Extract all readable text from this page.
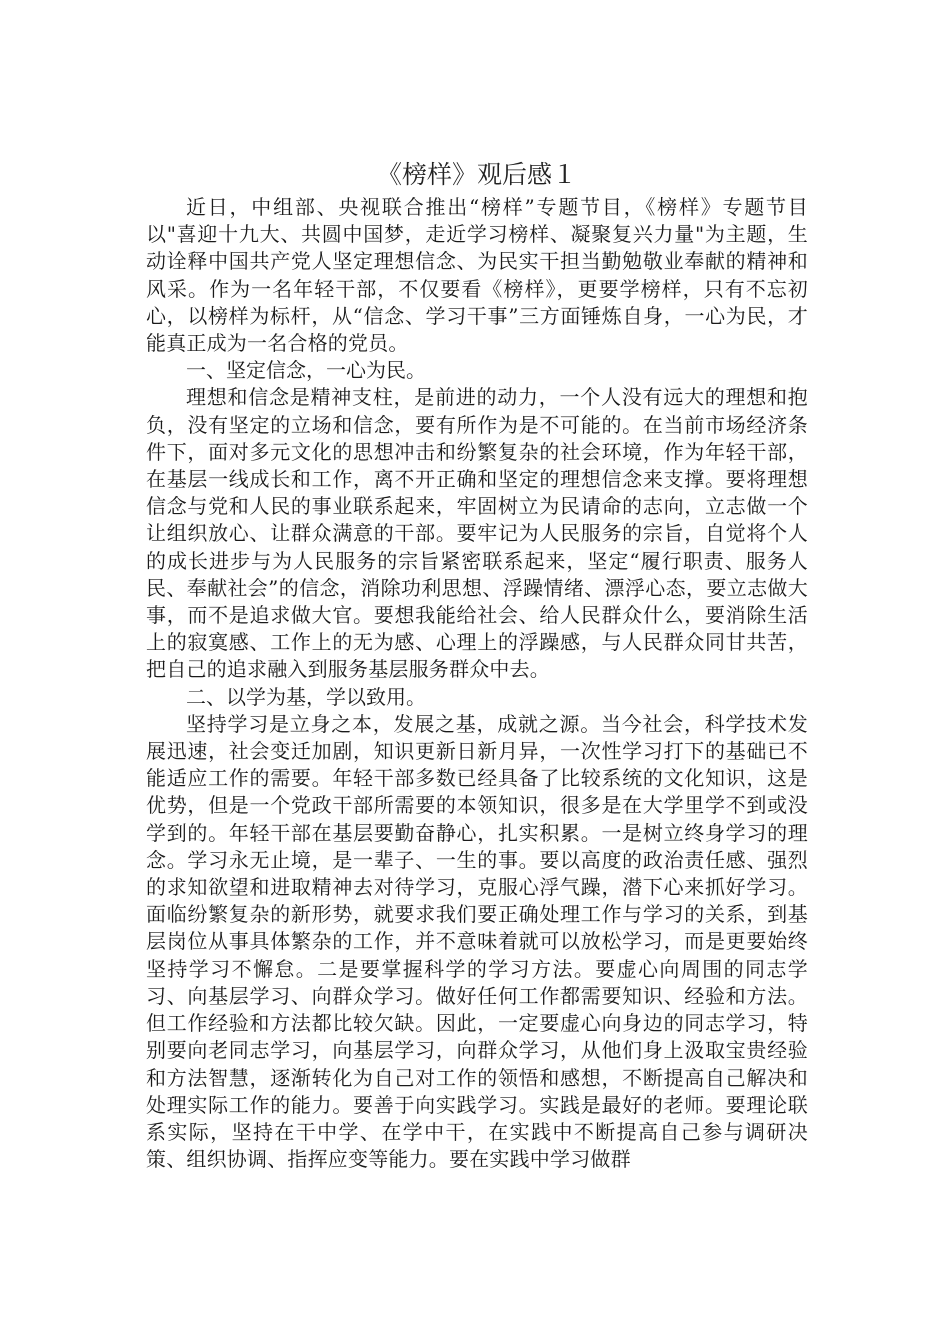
《榜样》观后感１

近日，中组部、央视联合推出“榜样”专题节目，《榜样》专题节目以"喜迎十九大、共圆中国梦，走近学习榜样、凝聚复兴力量"为主题，生动诠释中国共产党人坚定理想信念、为民实干担当勤勉敬业奉献的精神和风采。作为一名年轻干部，不仅要看《榜样》，更要学榜样，只有不忘初心，以榜样为标杆，从“信念、学习干事”三方面锤炼自身，一心为民，才能真正成为一名合格的党员。

一、坚定信念，一心为民。

理想和信念是精神支柱，是前进的动力，一个人没有远大的理想和抱负，没有坚定的立场和信念，要有所作为是不可能的。在当前市场经济条件下，面对多元文化的思想冲击和纷繁复杂的社会环境，作为年轻干部，在基层一线成长和工作，离不开正确和坚定的理想信念来支撑。要将理想信念与党和人民的事业联系起来，牢固树立为民请命的志向，立志做一个让组织放心、让群众满意的干部。要牢记为人民服务的宗旨，自觉将个人的成长进步与为人民服务的宗旨紧密联系起来，坚定“履行职责、服务人民、奉献社会”的信念，消除功利思想、浮躁情绪、漂浮心态，要立志做大事，而不是追求做大官。要想我能给社会、给人民群众什么，要消除生活上的寂寞感、工作上的无为感、心理上的浮躁感，与人民群众同甘共苦，把自己的追求融入到服务基层服务群众中去。

二、以学为基，学以致用。

坚持学习是立身之本，发展之基，成就之源。当今社会，科学技术发展迅速，社会变迁加剧，知识更新日新月异，一次性学习打下的基础已不能适应工作的需要。年轻干部多数已经具备了比较系统的文化知识，这是优势，但是一个党政干部所需要的本领知识，很多是在大学里学不到或没学到的。年轻干部在基层要勤奋静心，扎实积累。一是树立终身学习的理念。学习永无止境，是一辈子、一生的事。要以高度的政治责任感、强烈的求知欲望和进取精神去对待学习，克服心浮气躁，潜下心来抓好学习。面临纷繁复杂的新形势，就要求我们要正确处理工作与学习的关系，到基层岗位从事具体繁杂的工作，并不意味着就可以放松学习，而是更要始终坚持学习不懈怠。二是要掌握科学的学习方法。要虚心向周围的同志学习、向基层学习、向群众学习。做好任何工作都需要知识、经验和方法。但工作经验和方法都比较欠缺。因此，一定要虚心向身边的同志学习，特别要向老同志学习，向基层学习，向群众学习，从他们身上汲取宝贵经验和方法智慧，逐渐转化为自己对工作的领悟和感想，不断提高自己解决和处理实际工作的能力。要善于向实践学习。实践是最好的老师。要理论联系实际，坚持在干中学、在学中干，在实践中不断提高自己参与调研决策、组织协调、指挥应变等能力。要在实践中学习做群
